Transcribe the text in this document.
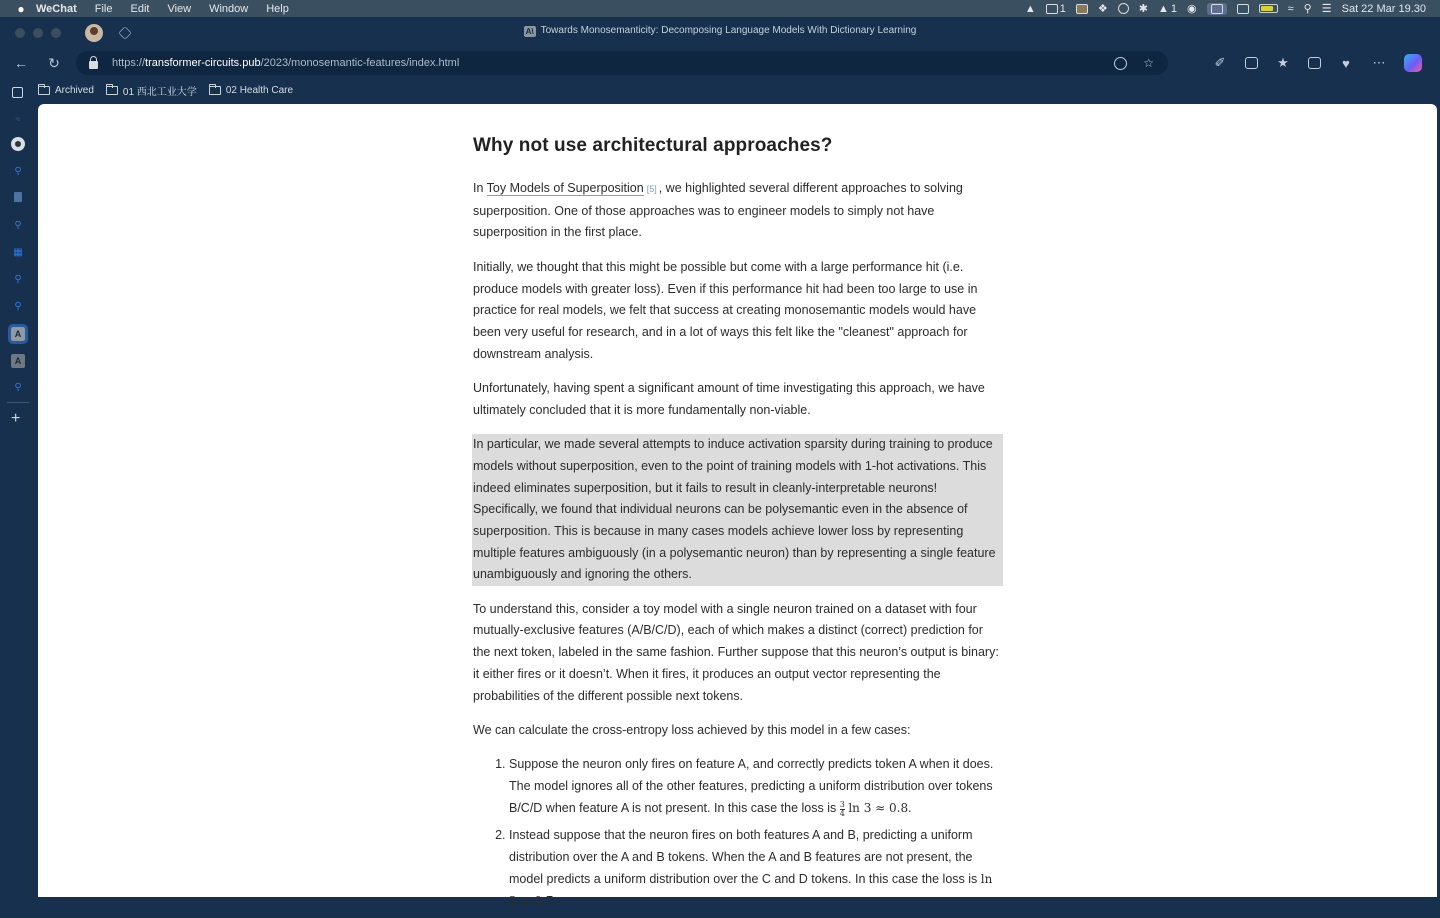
●	WeChat File Edit View Window Help	▲ 1	❖	✱ ▲ 1 ◉	≈ ⚲ ☰ Sat 22 Mar 19.30
A\ Towards Monosemanticity: Decomposing Language Models With Dictionary Learning
← ↻	https://transformer-circuits.pub/2023/monosemantic-features/index.html	☆	✐	★	♥	⋯
Archived	01 西北工业大学	02 Health Care
≈
⚲
⚲
▦
⚲
⚲
A
A
⚲
+
Why not use architectural approaches?

In Toy Models of Superposition [5] , we highlighted several different approaches to solving superposition. One of those approaches was to engineer models to simply not have superposition in the first place.

Initially, we thought that this might be possible but come with a large performance hit (i.e. produce models with greater loss). Even if this performance hit had been too large to use in practice for real models, we felt that success at creating monosemantic models would have been very useful for research, and in a lot of ways this felt like the "cleanest" approach for downstream analysis.

Unfortunately, having spent a significant amount of time investigating this approach, we have ultimately concluded that it is more fundamentally non-viable.

In particular, we made several attempts to induce activation sparsity during training to produce models without superposition, even to the point of training models with 1-hot activations. This indeed eliminates superposition, but it fails to result in cleanly-interpretable neurons! Specifically, we found that individual neurons can be polysemantic even in the absence of superposition. This is because in many cases models achieve lower loss by representing multiple features ambiguously (in a polysemantic neuron) than by representing a single feature unambiguously and ignoring the others.

To understand this, consider a toy model with a single neuron trained on a dataset with four mutually-exclusive features (A/B/C/D), each of which makes a distinct (correct) prediction for the next token, labeled in the same fashion. Further suppose that this neuron’s output is binary: it either fires or it doesn’t. When it fires, it produces an output vector representing the probabilities of the different possible next tokens.

We can calculate the cross-entropy loss achieved by this model in a few cases:

1. Suppose the neuron only fires on feature A, and correctly predicts token A when it does. The model ignores all of the other features, predicting a uniform distribution over tokens B/C/D when feature A is not present. In this case the loss is $\frac{3}{4}$ ln 3 ≈ 0.8.
2. Instead suppose that the neuron fires on both features A and B, predicting a uniform distribution over the A and B tokens. When the A and B features are not present, the model predicts a uniform distribution over the C and D tokens. In this case the loss is ln 2 ≈ 0.7
